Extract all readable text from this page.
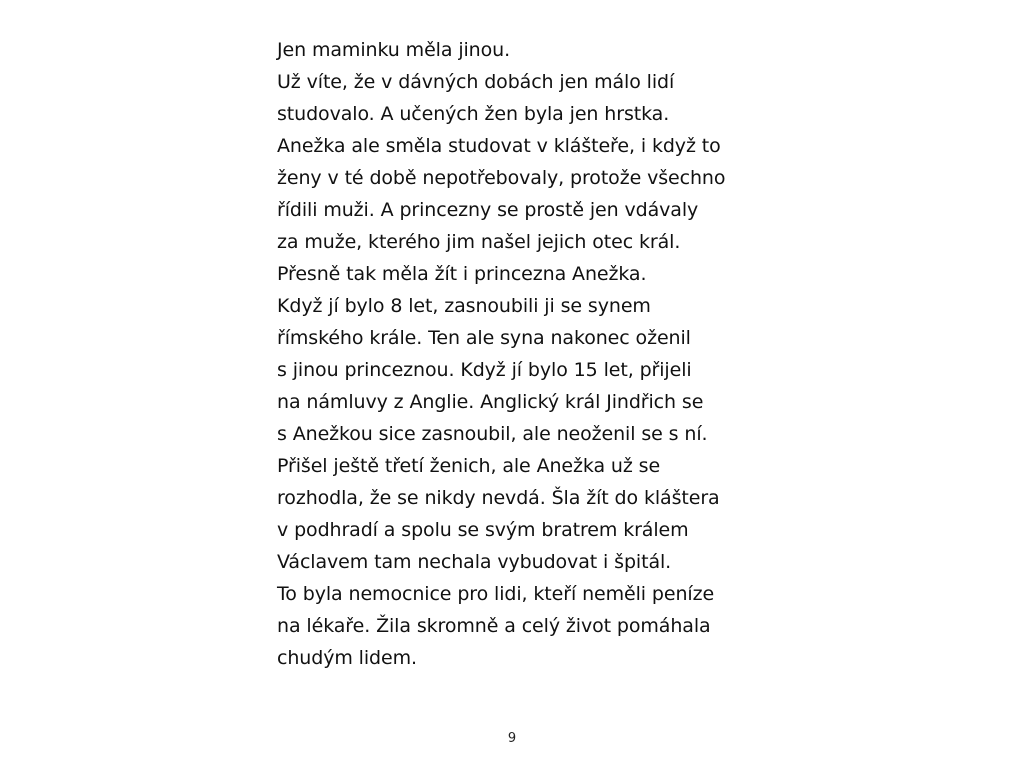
Jen maminku měla jinou.
Už víte, že v dávných dobách jen málo lidí
studovalo. A učených žen byla jen hrstka.
Anežka ale směla studovat v klášteře, i když to
ženy v té době nepotřebovaly, protože všechno
řídili muži. A princezny se prostě jen vdávaly
za muže, kterého jim našel jejich otec král.
Přesně tak měla žít i princezna Anežka.
Když jí bylo 8 let, zasnoubili ji se synem
římského krále. Ten ale syna nakonec oženil
s jinou princeznou. Když jí bylo 15 let, přijeli
na námluvy z Anglie. Anglický král Jindřich se
s Anežkou sice zasnoubil, ale neoženil se s ní.
Přišel ještě třetí ženich, ale Anežka už se
rozhodla, že se nikdy nevdá. Šla žít do kláštera
v podhradí a spolu se svým bratrem králem
Václavem tam nechala vybudovat i špitál.
To byla nemocnice pro lidi, kteří neměli peníze
na lékaře. Žila skromně a celý život pomáhala
chudým lidem.
9
